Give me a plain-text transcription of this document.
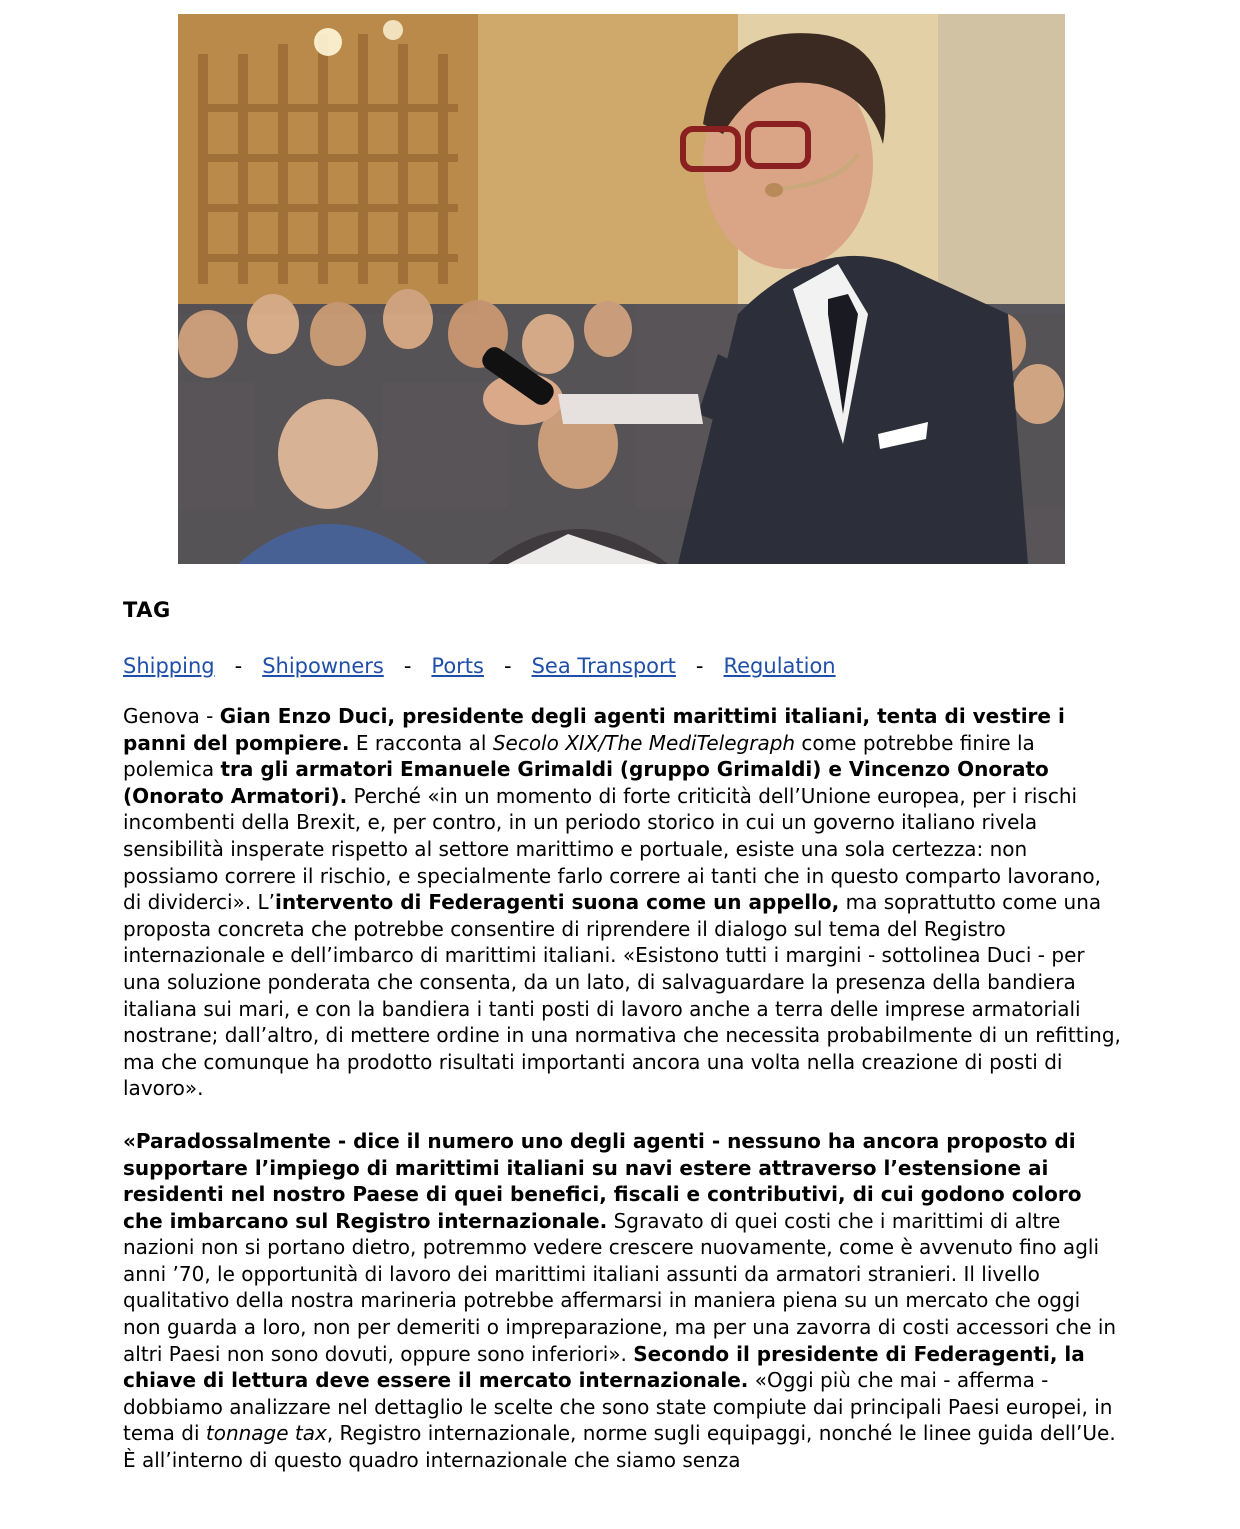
TAG
Shipping - Shipowners - Ports - Sea Transport - Regulation

Genova - Gian Enzo Duci, presidente degli agenti marittimi italiani, tenta di vestire i panni del pompiere. E racconta al Secolo XIX/The MediTelegraph come potrebbe finire la polemica tra gli armatori Emanuele Grimaldi (gruppo Grimaldi) e Vincenzo Onorato (Onorato Armatori). Perché «in un momento di forte criticità dell’Unione europea, per i rischi incombenti della Brexit, e, per contro, in un periodo storico in cui un governo italiano rivela sensibilità insperate rispetto al settore marittimo e portuale, esiste una sola certezza: non possiamo correre il rischio, e specialmente farlo correre ai tanti che in questo comparto lavorano, di dividerci». L’intervento di Federagenti suona come un appello, ma soprattutto come una proposta concreta che potrebbe consentire di riprendere il dialogo sul tema del Registro internazionale e dell’imbarco di marittimi italiani. «Esistono tutti i margini - sottolinea Duci - per una soluzione ponderata che consenta, da un lato, di salvaguardare la presenza della bandiera italiana sui mari, e con la bandiera i tanti posti di lavoro anche a terra delle imprese armatoriali nostrane; dall’altro, di mettere ordine in una normativa che necessita probabilmente di un refitting, ma che comunque ha prodotto risultati importanti ancora una volta nella creazione di posti di lavoro».

«Paradossalmente - dice il numero uno degli agenti - nessuno ha ancora proposto di supportare l’impiego di marittimi italiani su navi estere attraverso l’estensione ai residenti nel nostro Paese di quei benefici, fiscali e contributivi, di cui godono coloro che imbarcano sul Registro internazionale. Sgravato di quei costi che i marittimi di altre nazioni non si portano dietro, potremmo vedere crescere nuovamente, come è avvenuto fino agli anni ’70, le opportunità di lavoro dei marittimi italiani assunti da armatori stranieri. Il livello qualitativo della nostra marineria potrebbe affermarsi in maniera piena su un mercato che oggi non guarda a loro, non per demeriti o impreparazione, ma per una zavorra di costi accessori che in altri Paesi non sono dovuti, oppure sono inferiori». Secondo il presidente di Federagenti, la chiave di lettura deve essere il mercato internazionale. «Oggi più che mai - afferma - dobbiamo analizzare nel dettaglio le scelte che sono state compiute dai principali Paesi europei, in tema di tonnage tax, Registro internazionale, norme sugli equipaggi, nonché le linee guida dell’Ue. È all’interno di questo quadro internazionale che siamo senza
